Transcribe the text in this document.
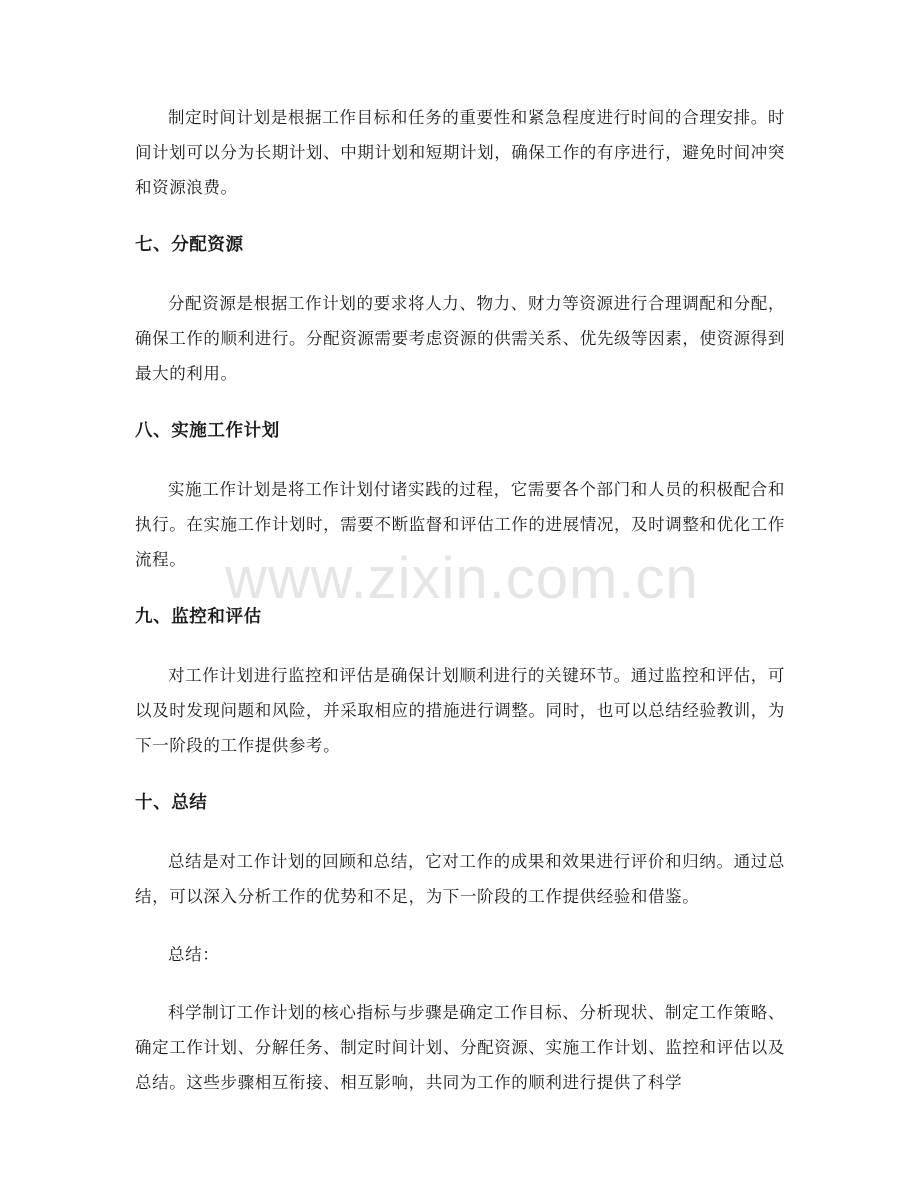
制定时间计划是根据工作目标和任务的重要性和紧急程度进行时间的合理安排。时间计划可以分为长期计划、中期计划和短期计划，确保工作的有序进行，避免时间冲突和资源浪费。

七、分配资源

分配资源是根据工作计划的要求将人力、物力、财力等资源进行合理调配和分配，确保工作的顺利进行。分配资源需要考虑资源的供需关系、优先级等因素，使资源得到最大的利用。

八、实施工作计划

实施工作计划是将工作计划付诸实践的过程，它需要各个部门和人员的积极配合和执行。在实施工作计划时，需要不断监督和评估工作的进展情况，及时调整和优化工作流程。

九、监控和评估

对工作计划进行监控和评估是确保计划顺利进行的关键环节。通过监控和评估，可以及时发现问题和风险，并采取相应的措施进行调整。同时，也可以总结经验教训，为下一阶段的工作提供参考。

十、总结

总结是对工作计划的回顾和总结，它对工作的成果和效果进行评价和归纳。通过总结，可以深入分析工作的优势和不足，为下一阶段的工作提供经验和借鉴。

总结：

科学制订工作计划的核心指标与步骤是确定工作目标、分析现状、制定工作策略、确定工作计划、分解任务、制定时间计划、分配资源、实施工作计划、监控和评估以及总结。这些步骤相互衔接、相互影响，共同为工作的顺利进行提供了科学

www.zixin.com.cn
